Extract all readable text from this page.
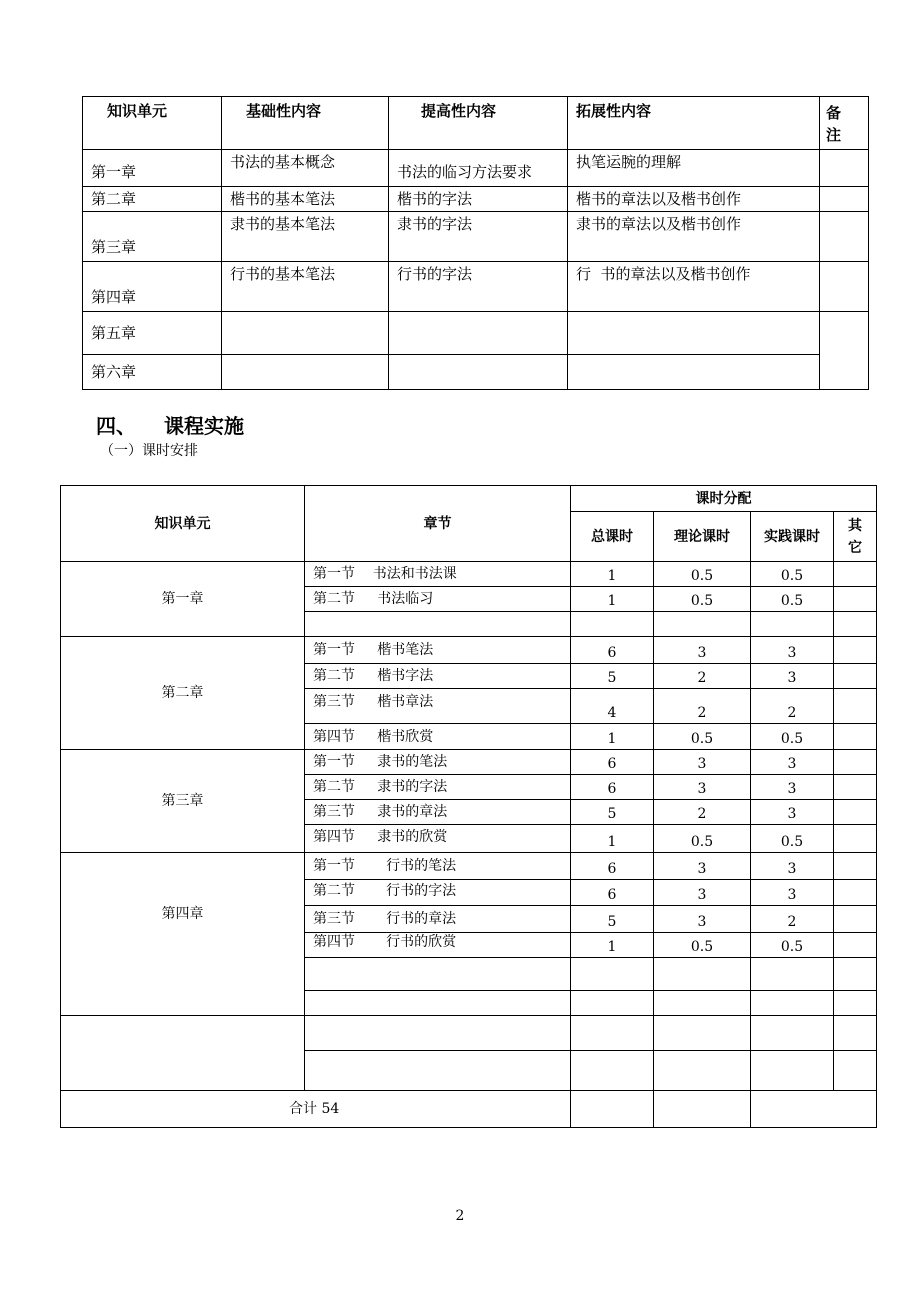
知识单元	基础性内容	提高性内容	拓展性内容	备注
第一章	书法的基本概念	书法的临习方法要求	执笔运腕的理解	
第二章	楷书的基本笔法	楷书的字法	楷书的章法以及楷书创作	
第三章	隶书的基本笔法	隶书的字法	隶书的章法以及楷书创作	
第四章	行书的基本笔法	行书的字法	行  书的章法以及楷书创作	
第五章				
第六章				
四、 课程实施
（一）课时安排
知识单元	章节	课时分配			
		总课时	理论课时	实践课时	其它
第一章	第一节    书法和书法课	1	0.5	0.5	
	第二节     书法临习	1	0.5	0.5	

第二章	第一节     楷书笔法	6	3	3	
	第二节     楷书字法	5	2	3	
	第三节     楷书章法	4	2	2	
	第四节     楷书欣赏	1	0.5	0.5	
第三章	第一节     隶书的笔法	6	3	3	
	第二节     隶书的字法	6	3	3	
	第三节     隶书的章法	5	2	3	
	第四节     隶书的欣赏	1	0.5	0.5	
第四章	第一节       行书的笔法	6	3	3	
	第二节       行书的字法	6	3	3	
	第三节       行书的章法	5	3	2	
	第四节       行书的欣赏	1	0.5	0.5	

合计 54					
2
